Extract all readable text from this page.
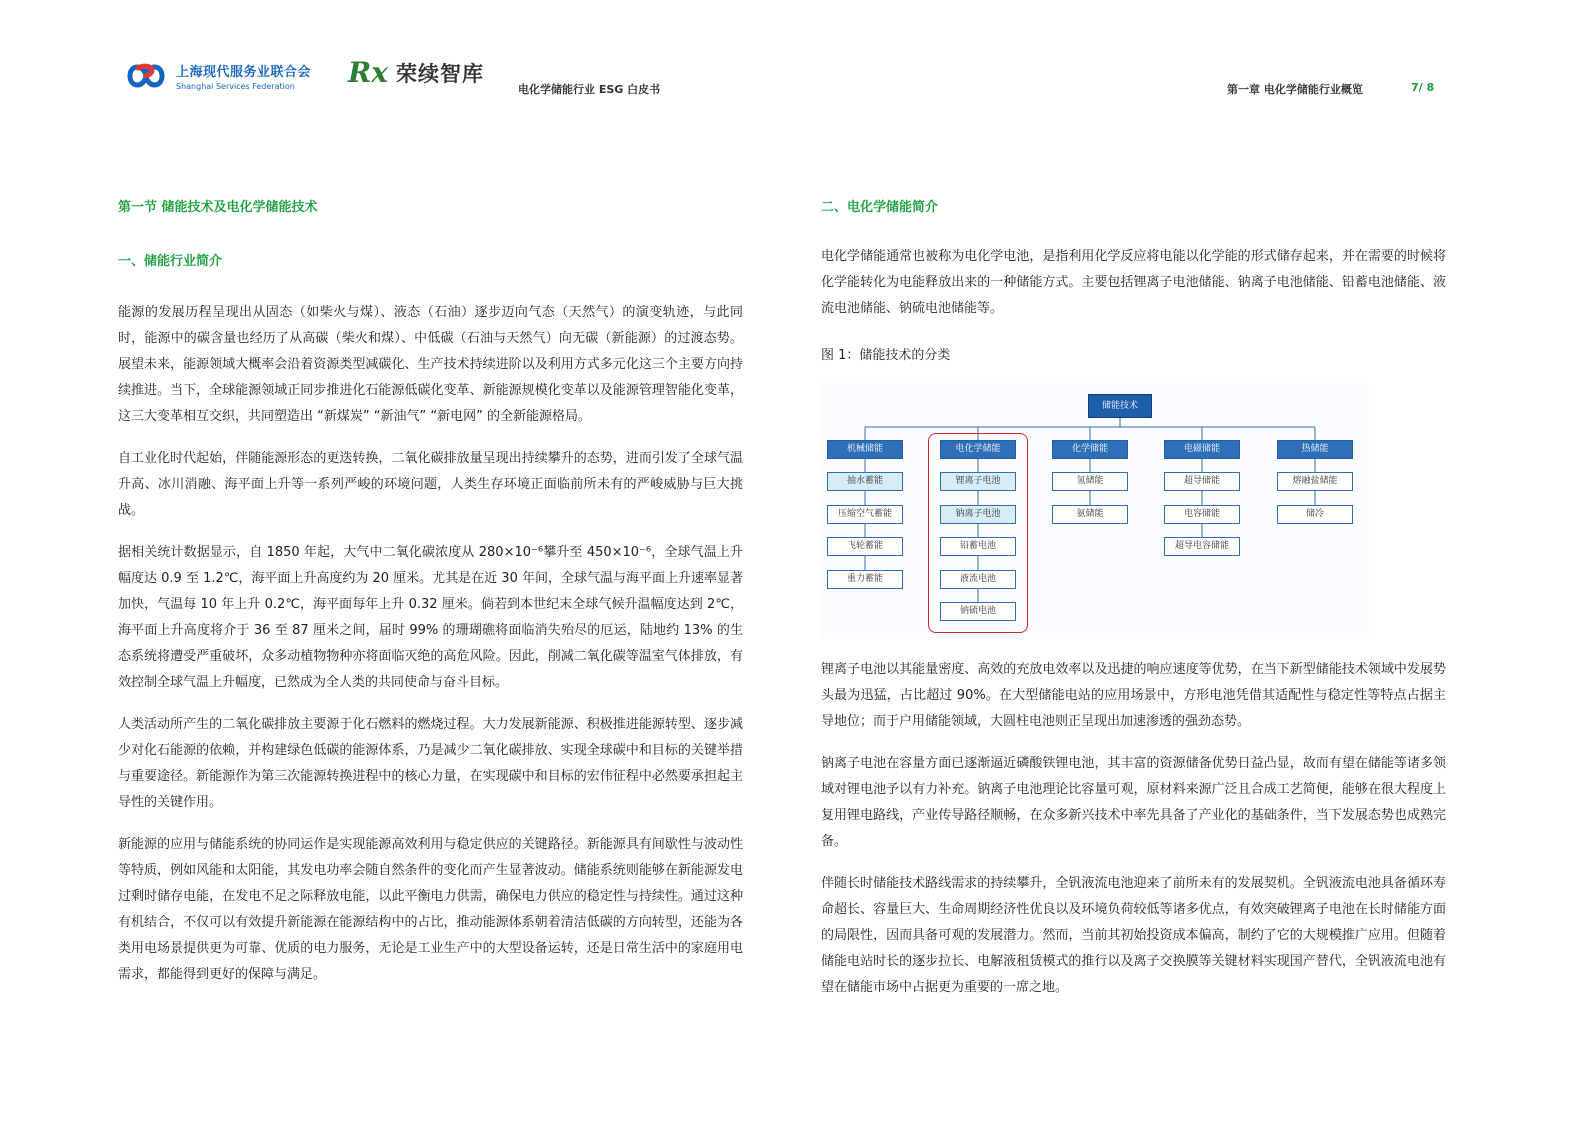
上海现代服务业联合会
Shanghai Services Federation	Rx 荣续智库
电化学储能行业 ESG 白皮书	第一章 电化学储能行业概览	7/ 8
第一节 储能技术及电化学储能技术
一、储能行业简介

能源的发展历程呈现出从固态（如柴火与煤）、液态（石油）逐步迈向气态（天然气）的演变轨迹，与此同时，能源中的碳含量也经历了从高碳（柴火和煤）、中低碳（石油与天然气）向无碳（新能源）的过渡态势。展望未来，能源领域大概率会沿着资源类型减碳化、生产技术持续进阶以及利用方式多元化这三个主要方向持续推进。当下，全球能源领域正同步推进化石能源低碳化变革、新能源规模化变革以及能源管理智能化变革，这三大变革相互交织，共同塑造出 “新煤炭” “新油气” “新电网” 的全新能源格局。

自工业化时代起始，伴随能源形态的更迭转换，二氧化碳排放量呈现出持续攀升的态势，进而引发了全球气温升高、冰川消融、海平面上升等一系列严峻的环境问题，人类生存环境正面临前所未有的严峻威胁与巨大挑战。

据相关统计数据显示，自 1850 年起，大气中二氧化碳浓度从 280×10⁻⁶攀升至 450×10⁻⁶，全球气温上升幅度达 0.9 至 1.2℃，海平面上升高度约为 20 厘米。尤其是在近 30 年间，全球气温与海平面上升速率显著加快，气温每 10 年上升 0.2℃，海平面每年上升 0.32 厘米。倘若到本世纪末全球气候升温幅度达到 2℃，海平面上升高度将介于 36 至 87 厘米之间，届时 99% 的珊瑚礁将面临消失殆尽的厄运，陆地约 13% 的生态系统将遭受严重破坏，众多动植物物种亦将面临灭绝的高危风险。因此，削减二氧化碳等温室气体排放，有效控制全球气温上升幅度，已然成为全人类的共同使命与奋斗目标。

人类活动所产生的二氧化碳排放主要源于化石燃料的燃烧过程。大力发展新能源、积极推进能源转型、逐步减少对化石能源的依赖，并构建绿色低碳的能源体系，乃是减少二氧化碳排放、实现全球碳中和目标的关键举措与重要途径。新能源作为第三次能源转换进程中的核心力量，在实现碳中和目标的宏伟征程中必然要承担起主导性的关键作用。

新能源的应用与储能系统的协同运作是实现能源高效利用与稳定供应的关键路径。新能源具有间歇性与波动性等特质，例如风能和太阳能，其发电功率会随自然条件的变化而产生显著波动。储能系统则能够在新能源发电过剩时储存电能，在发电不足之际释放电能，以此平衡电力供需，确保电力供应的稳定性与持续性。通过这种有机结合，不仅可以有效提升新能源在能源结构中的占比，推动能源体系朝着清洁低碳的方向转型，还能为各类用电场景提供更为可靠、优质的电力服务，无论是工业生产中的大型设备运转，还是日常生活中的家庭用电需求，都能得到更好的保障与满足。

二、电化学储能简介

电化学储能通常也被称为电化学电池，是指利用化学反应将电能以化学能的形式储存起来，并在需要的时候将化学能转化为电能释放出来的一种储能方式。主要包括锂离子电池储能、钠离子电池储能、铅蓄电池储能、液流电池储能、钠硫电池储能等。

图 1：储能技术的分类
储能技术
机械储能
抽水蓄能
压缩空气蓄能
飞轮蓄能
重力蓄能
电化学储能
锂离子电池
钠离子电池
铅蓄电池
液流电池
钠硫电池
化学储能
氢储能
氨储能
电磁储能
超导储能
电容储能
超导电容储能
热储能
熔融盐储能
储冷

锂离子电池以其能量密度、高效的充放电效率以及迅捷的响应速度等优势，在当下新型储能技术领域中发展势头最为迅猛，占比超过 90%。在大型储能电站的应用场景中，方形电池凭借其适配性与稳定性等特点占据主导地位；而于户用储能领域，大圆柱电池则正呈现出加速渗透的强劲态势。

钠离子电池在容量方面已逐渐逼近磷酸铁锂电池，其丰富的资源储备优势日益凸显，故而有望在储能等诸多领域对锂电池予以有力补充。钠离子电池理论比容量可观，原材料来源广泛且合成工艺简便，能够在很大程度上复用锂电路线，产业传导路径顺畅，在众多新兴技术中率先具备了产业化的基础条件，当下发展态势也成熟完备。

伴随长时储能技术路线需求的持续攀升，全钒液流电池迎来了前所未有的发展契机。全钒液流电池具备循环寿命超长、容量巨大、生命周期经济性优良以及环境负荷较低等诸多优点，有效突破锂离子电池在长时储能方面的局限性，因而具备可观的发展潜力。然而，当前其初始投资成本偏高，制约了它的大规模推广应用。但随着储能电站时长的逐步拉长、电解液租赁模式的推行以及离子交换膜等关键材料实现国产替代，全钒液流电池有望在储能市场中占据更为重要的一席之地。
